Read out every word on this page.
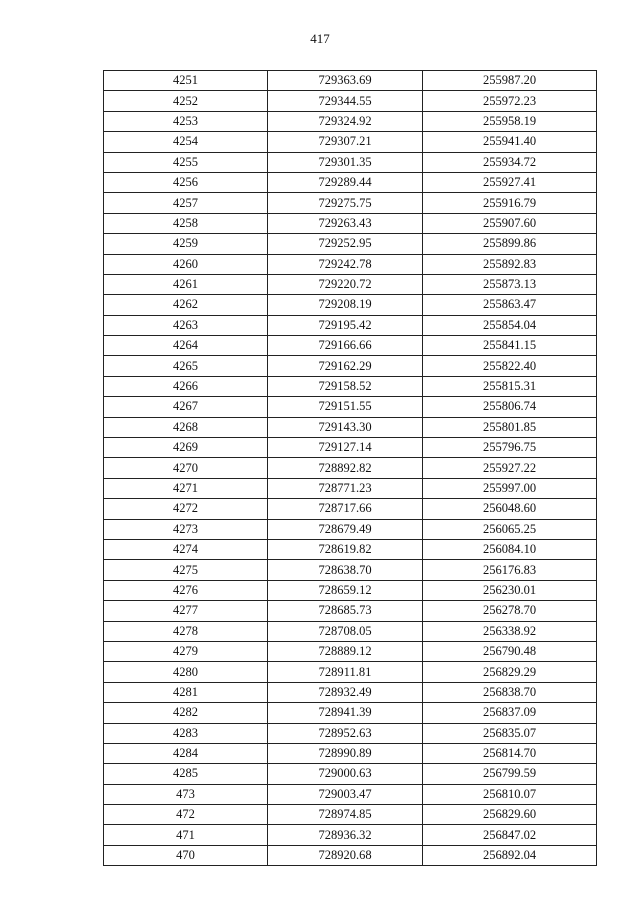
417
4251	729363.69	255987.20
4252	729344.55	255972.23
4253	729324.92	255958.19
4254	729307.21	255941.40
4255	729301.35	255934.72
4256	729289.44	255927.41
4257	729275.75	255916.79
4258	729263.43	255907.60
4259	729252.95	255899.86
4260	729242.78	255892.83
4261	729220.72	255873.13
4262	729208.19	255863.47
4263	729195.42	255854.04
4264	729166.66	255841.15
4265	729162.29	255822.40
4266	729158.52	255815.31
4267	729151.55	255806.74
4268	729143.30	255801.85
4269	729127.14	255796.75
4270	728892.82	255927.22
4271	728771.23	255997.00
4272	728717.66	256048.60
4273	728679.49	256065.25
4274	728619.82	256084.10
4275	728638.70	256176.83
4276	728659.12	256230.01
4277	728685.73	256278.70
4278	728708.05	256338.92
4279	728889.12	256790.48
4280	728911.81	256829.29
4281	728932.49	256838.70
4282	728941.39	256837.09
4283	728952.63	256835.07
4284	728990.89	256814.70
4285	729000.63	256799.59
473	729003.47	256810.07
472	728974.85	256829.60
471	728936.32	256847.02
470	728920.68	256892.04
